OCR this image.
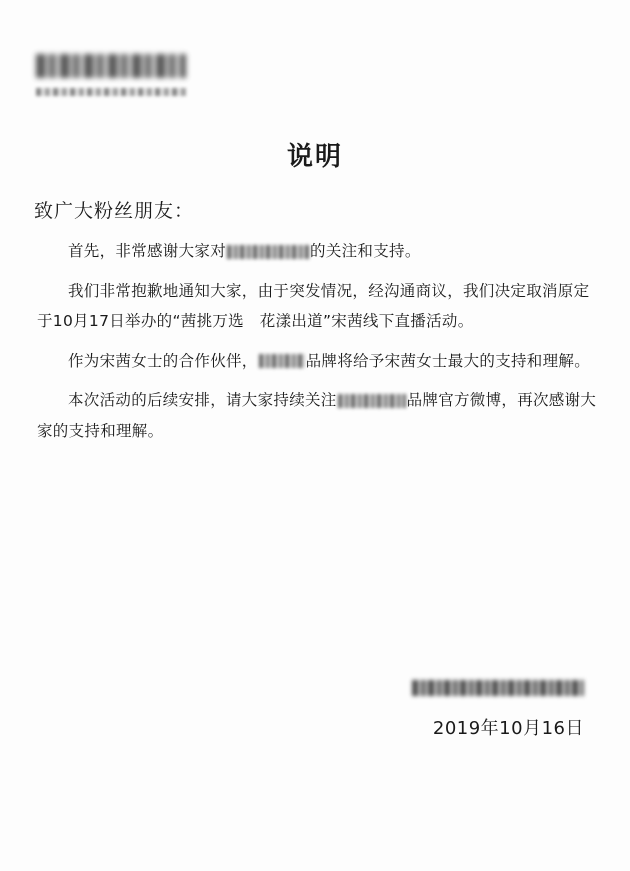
说明
致广大粉丝朋友：

首先，非常感谢大家对	的关注和支持。

我们非常抱歉地通知大家，由于突发情况，经沟通商议，我们决定取消原定于10月17日举办的“茜挑万选　花漾出道”宋茜线下直播活动。

作为宋茜女士的合作伙伴，	品牌将给予宋茜女士最大的支持和理解。

本次活动的后续安排，请大家持续关注	品牌官方微博，再次感谢大家的支持和理解。

2019年10月16日
